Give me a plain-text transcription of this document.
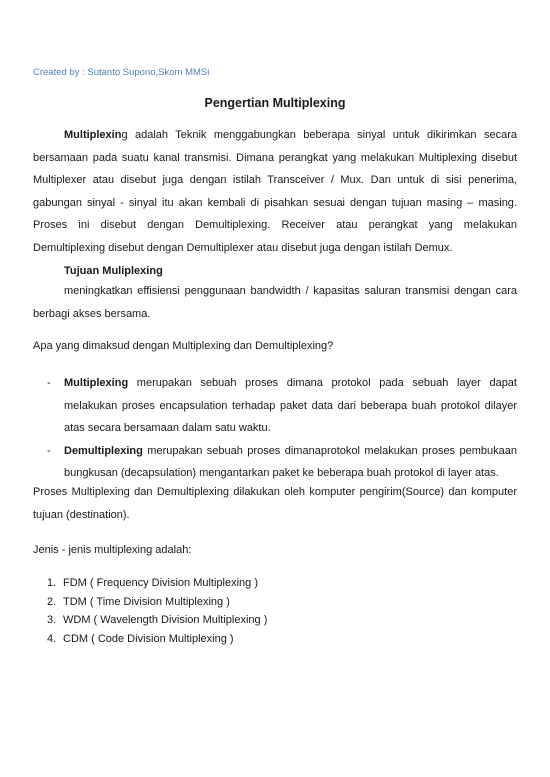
Created by : Sutanto Supono,Skom MMSi
Pengertian Multiplexing
Multiplexing adalah Teknik menggabungkan beberapa sinyal untuk dikirimkan secara bersamaan pada suatu kanal transmisi. Dimana perangkat yang melakukan Multiplexing disebut Multiplexer atau disebut juga dengan istilah Transceiver / Mux. Dan untuk di sisi penerima, gabungan sinyal - sinyal itu akan kembali di pisahkan sesuai dengan tujuan masing – masing. Proses ini disebut dengan Demultiplexing. Receiver atau perangkat yang melakukan Demultiplexing disebut dengan Demultiplexer atau disebut juga dengan istilah Demux.
Tujuan Muliplexing
meningkatkan effisiensi penggunaan bandwidth / kapasitas saluran transmisi dengan cara berbagi akses bersama.
Apa yang dimaksud dengan Multiplexing dan Demultiplexing?
- Multiplexing merupakan sebuah proses dimana protokol pada sebuah layer dapat melakukan proses encapsulation terhadap paket data dari beberapa buah protokol dilayer atas secara bersamaan dalam satu waktu.
- Demultiplexing merupakan sebuah proses dimanaprotokol melakukan proses pembukaan bungkusan (decapsulation) mengantarkan paket ke beberapa buah protokol di layer atas.
Proses Multiplexing dan Demultiplexing dilakukan oleh komputer pengirim(Source) dan komputer tujuan (destination).
Jenis - jenis multiplexing adalah:
1. FDM ( Frequency Division Multiplexing )
2. TDM ( Time Division Multiplexing )
3. WDM ( Wavelength Division Multiplexing )
4. CDM ( Code Division Multiplexing )
